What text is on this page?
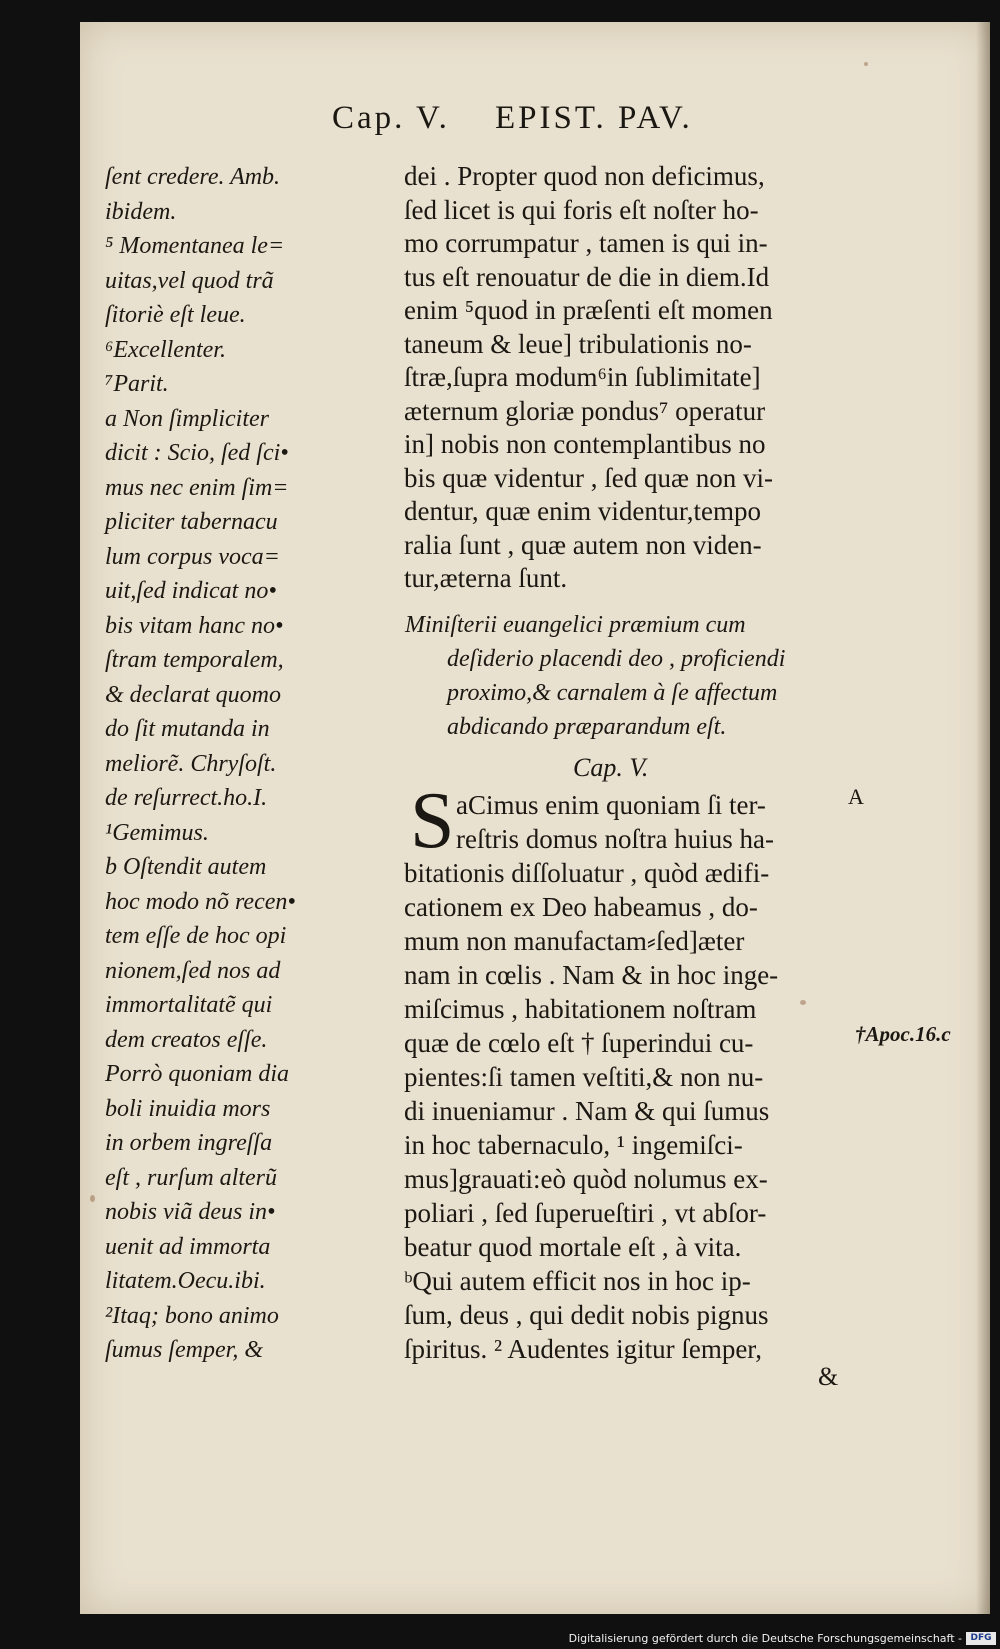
Cap. V. EPIST. PAV.
ſent credere. Amb.
ibidem.
⁵ Momentanea le=
uitas,vel quod trã
ſitoriè eſt leue.
⁶Excellenter.
⁷Parit.
a Non ſimpliciter
dicit : Scio, ſed ſci•
mus nec enim ſim=
pliciter tabernacu
lum corpus voca=
uit,ſed indicat no•
bis vitam hanc no•
ſtram temporalem,
& declarat quomo
do ſit mutanda in
meliorẽ. Chryſoſt.
de reſurrect.ho.I.
¹Gemimus.
b Oſtendit autem
hoc modo nõ recen•
tem eſſe de hoc opi
nionem,ſed nos ad
immortalitatẽ qui
dem creatos eſſe.
Porrò quoniam dia
boli inuidia mors
in orbem ingreſſa
eſt , rurſum alterũ
nobis viã deus in•
uenit ad immorta
litatem.Oecu.ibi.
²Itaq; bono animo
ſumus ſemper, &
dei . Propter quod non deficimus,
ſed licet is qui foris eſt noſter ho-
mo corrumpatur , tamen is qui in-
tus eſt renouatur de die in diem.Id
enim ⁵quod in præſenti eſt momen
taneum & leue] tribulationis no-
ſtræ,ſupra modum⁶in ſublimitate]
æternum gloriæ pondus⁷ operatur
in] nobis non contemplantibus no
bis quæ videntur , ſed quæ non vi-
dentur, quæ enim videntur,tempo
ralia ſunt , quæ autem non viden-
tur,æterna ſunt.
Miniſterii euangelici præmium cum
deſiderio placendi deo , proficiendi
proximo,& carnalem à ſe affectum
abdicando præparandum eſt.
Cap. V.
S aCimus enim quoniam ſi ter-
reſtris domus noſtra huius ha-
bitationis diſſoluatur , quòd ædifi-
cationem ex Deo habeamus , do-
mum non manufactam⸗ſed]æter
nam in cœlis . Nam & in hoc inge-
miſcimus , habitationem noſtram
quæ de cœlo eſt † ſuperindui cu-
pientes:ſi tamen veſtiti,& non nu-
di inueniamur . Nam & qui ſumus
in hoc tabernaculo, ¹ ingemiſci-
mus]grauati:eò quòd nolumus ex-
poliari , ſed ſuperueſtiri , vt abſor-
beatur quod mortale eſt , à vita.
ᵇQui autem efficit nos in hoc ip-
ſum, deus , qui dedit nobis pignus
ſpiritus. ² Audentes igitur ſemper,
A
†Apoc.16.c
&
Digitalisierung gefördert durch die Deutsche Forschungsgemeinschaft - DFG
